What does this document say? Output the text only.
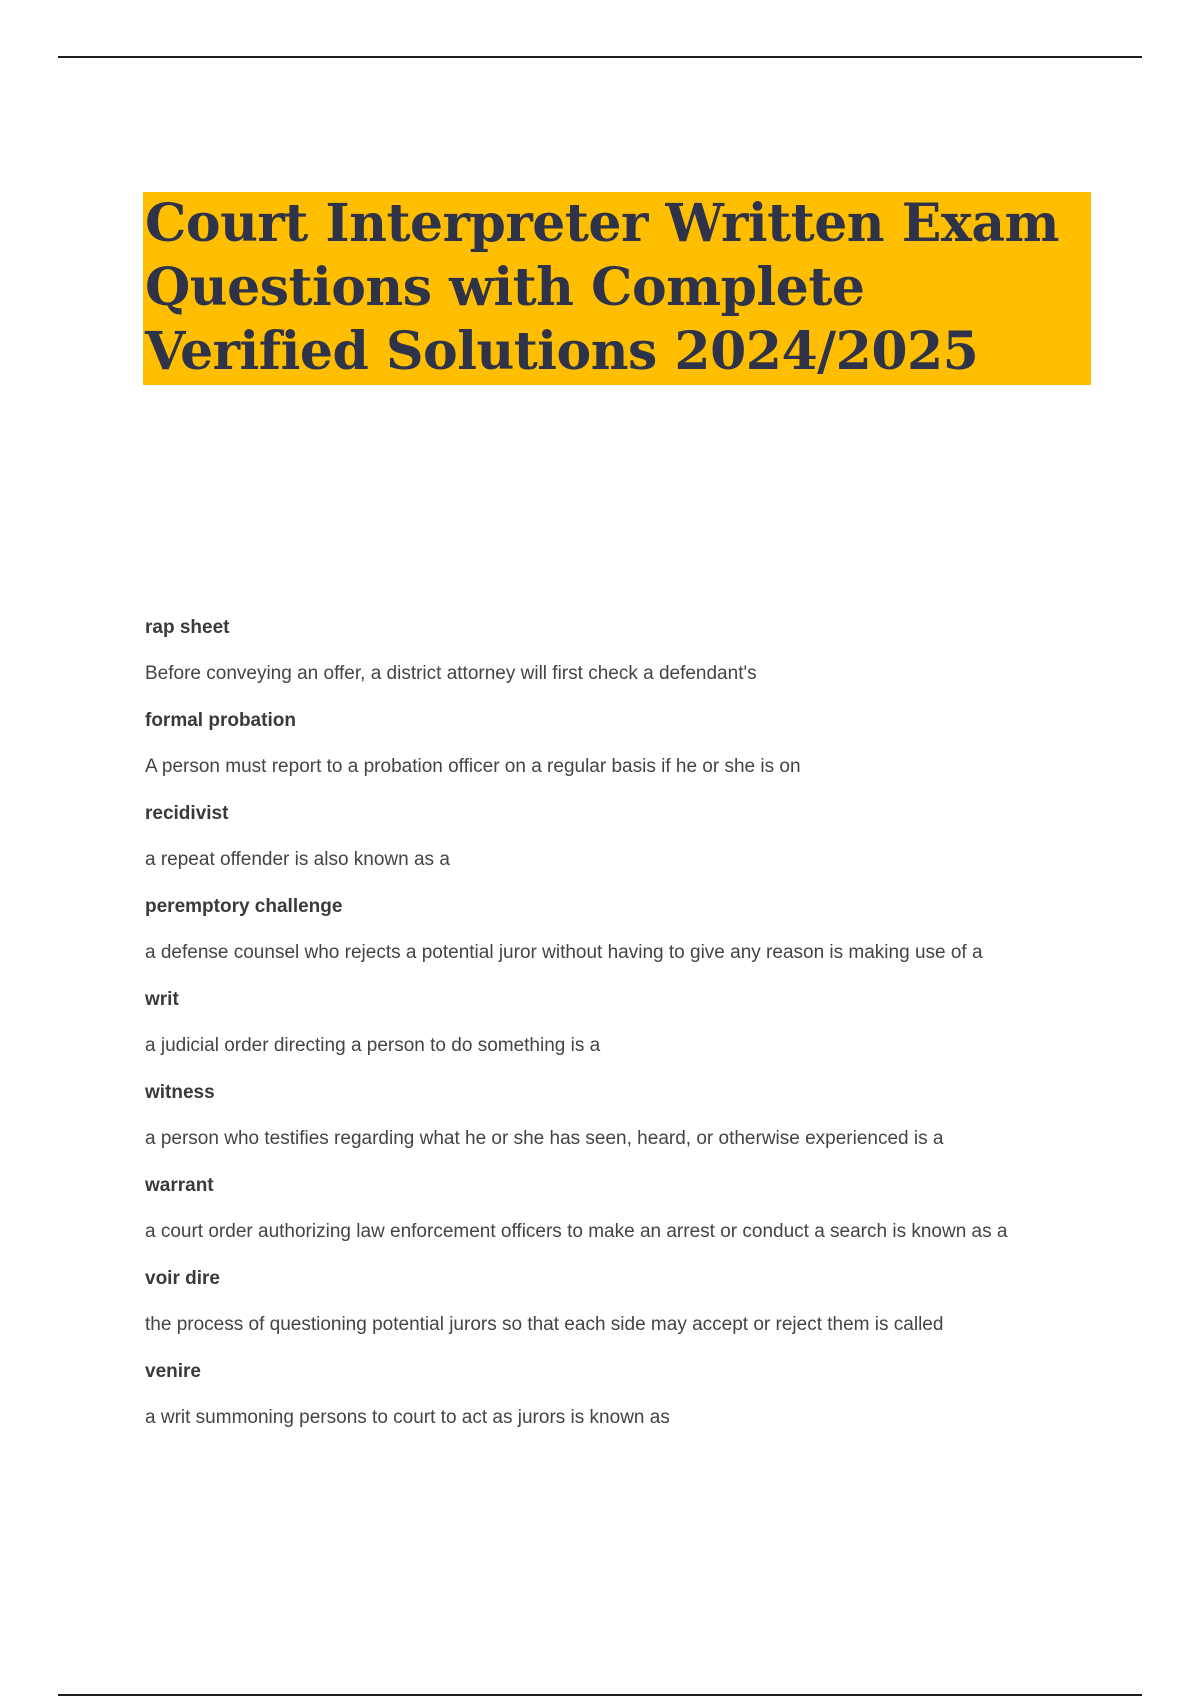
Court Interpreter Written Exam Questions with Complete Verified Solutions 2024/2025
rap sheet
Before conveying an offer, a district attorney will first check a defendant's
formal probation
A person must report to a probation officer on a regular basis if he or she is on
recidivist
a repeat offender is also known as a
peremptory challenge
a defense counsel who rejects a potential juror without having to give any reason is making use of a
writ
a judicial order directing a person to do something is a
witness
a person who testifies regarding what he or she has seen, heard, or otherwise experienced is a
warrant
a court order authorizing law enforcement officers to make an arrest or conduct a search is known as a
voir dire
the process of questioning potential jurors so that each side may accept or reject them is called
venire
a writ summoning persons to court to act as jurors is known as
